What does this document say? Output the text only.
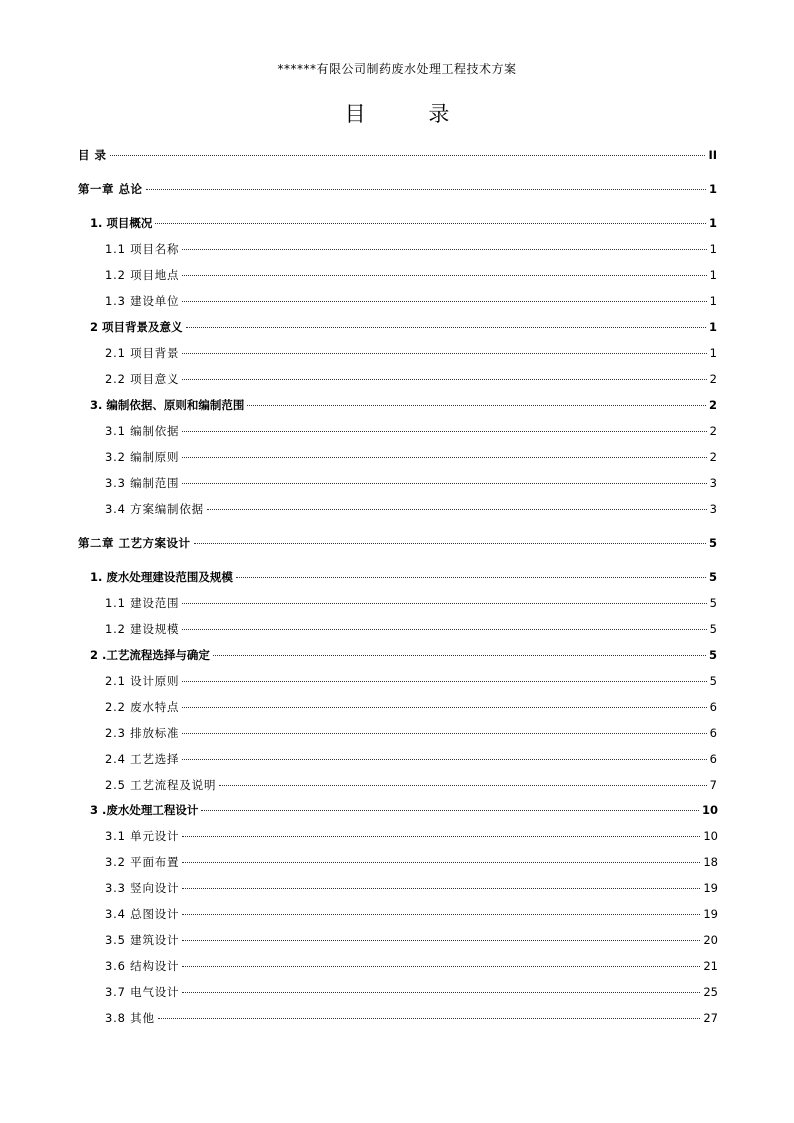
******有限公司制药废水处理工程技术方案
目 录
目 录	II
第一章 总论	1
1. 项目概况	1
1.1 项目名称	1
1.2 项目地点	1
1.3 建设单位	1
2 项目背景及意义	1
2.1 项目背景	1
2.2 项目意义	2
3. 编制依据、原则和编制范围	2
3.1 编制依据	2
3.2 编制原则	2
3.3 编制范围	3
3.4 方案编制依据	3
第二章 工艺方案设计	5
1. 废水处理建设范围及规模	5
1.1 建设范围	5
1.2 建设规模	5
2 .工艺流程选择与确定	5
2.1 设计原则	5
2.2 废水特点	6
2.3 排放标准	6
2.4 工艺选择	6
2.5 工艺流程及说明	7
3 .废水处理工程设计	10
3.1 单元设计	10
3.2 平面布置	18
3.3 竖向设计	19
3.4 总图设计	19
3.5 建筑设计	20
3.6 结构设计	21
3.7 电气设计	25
3.8 其他	27
